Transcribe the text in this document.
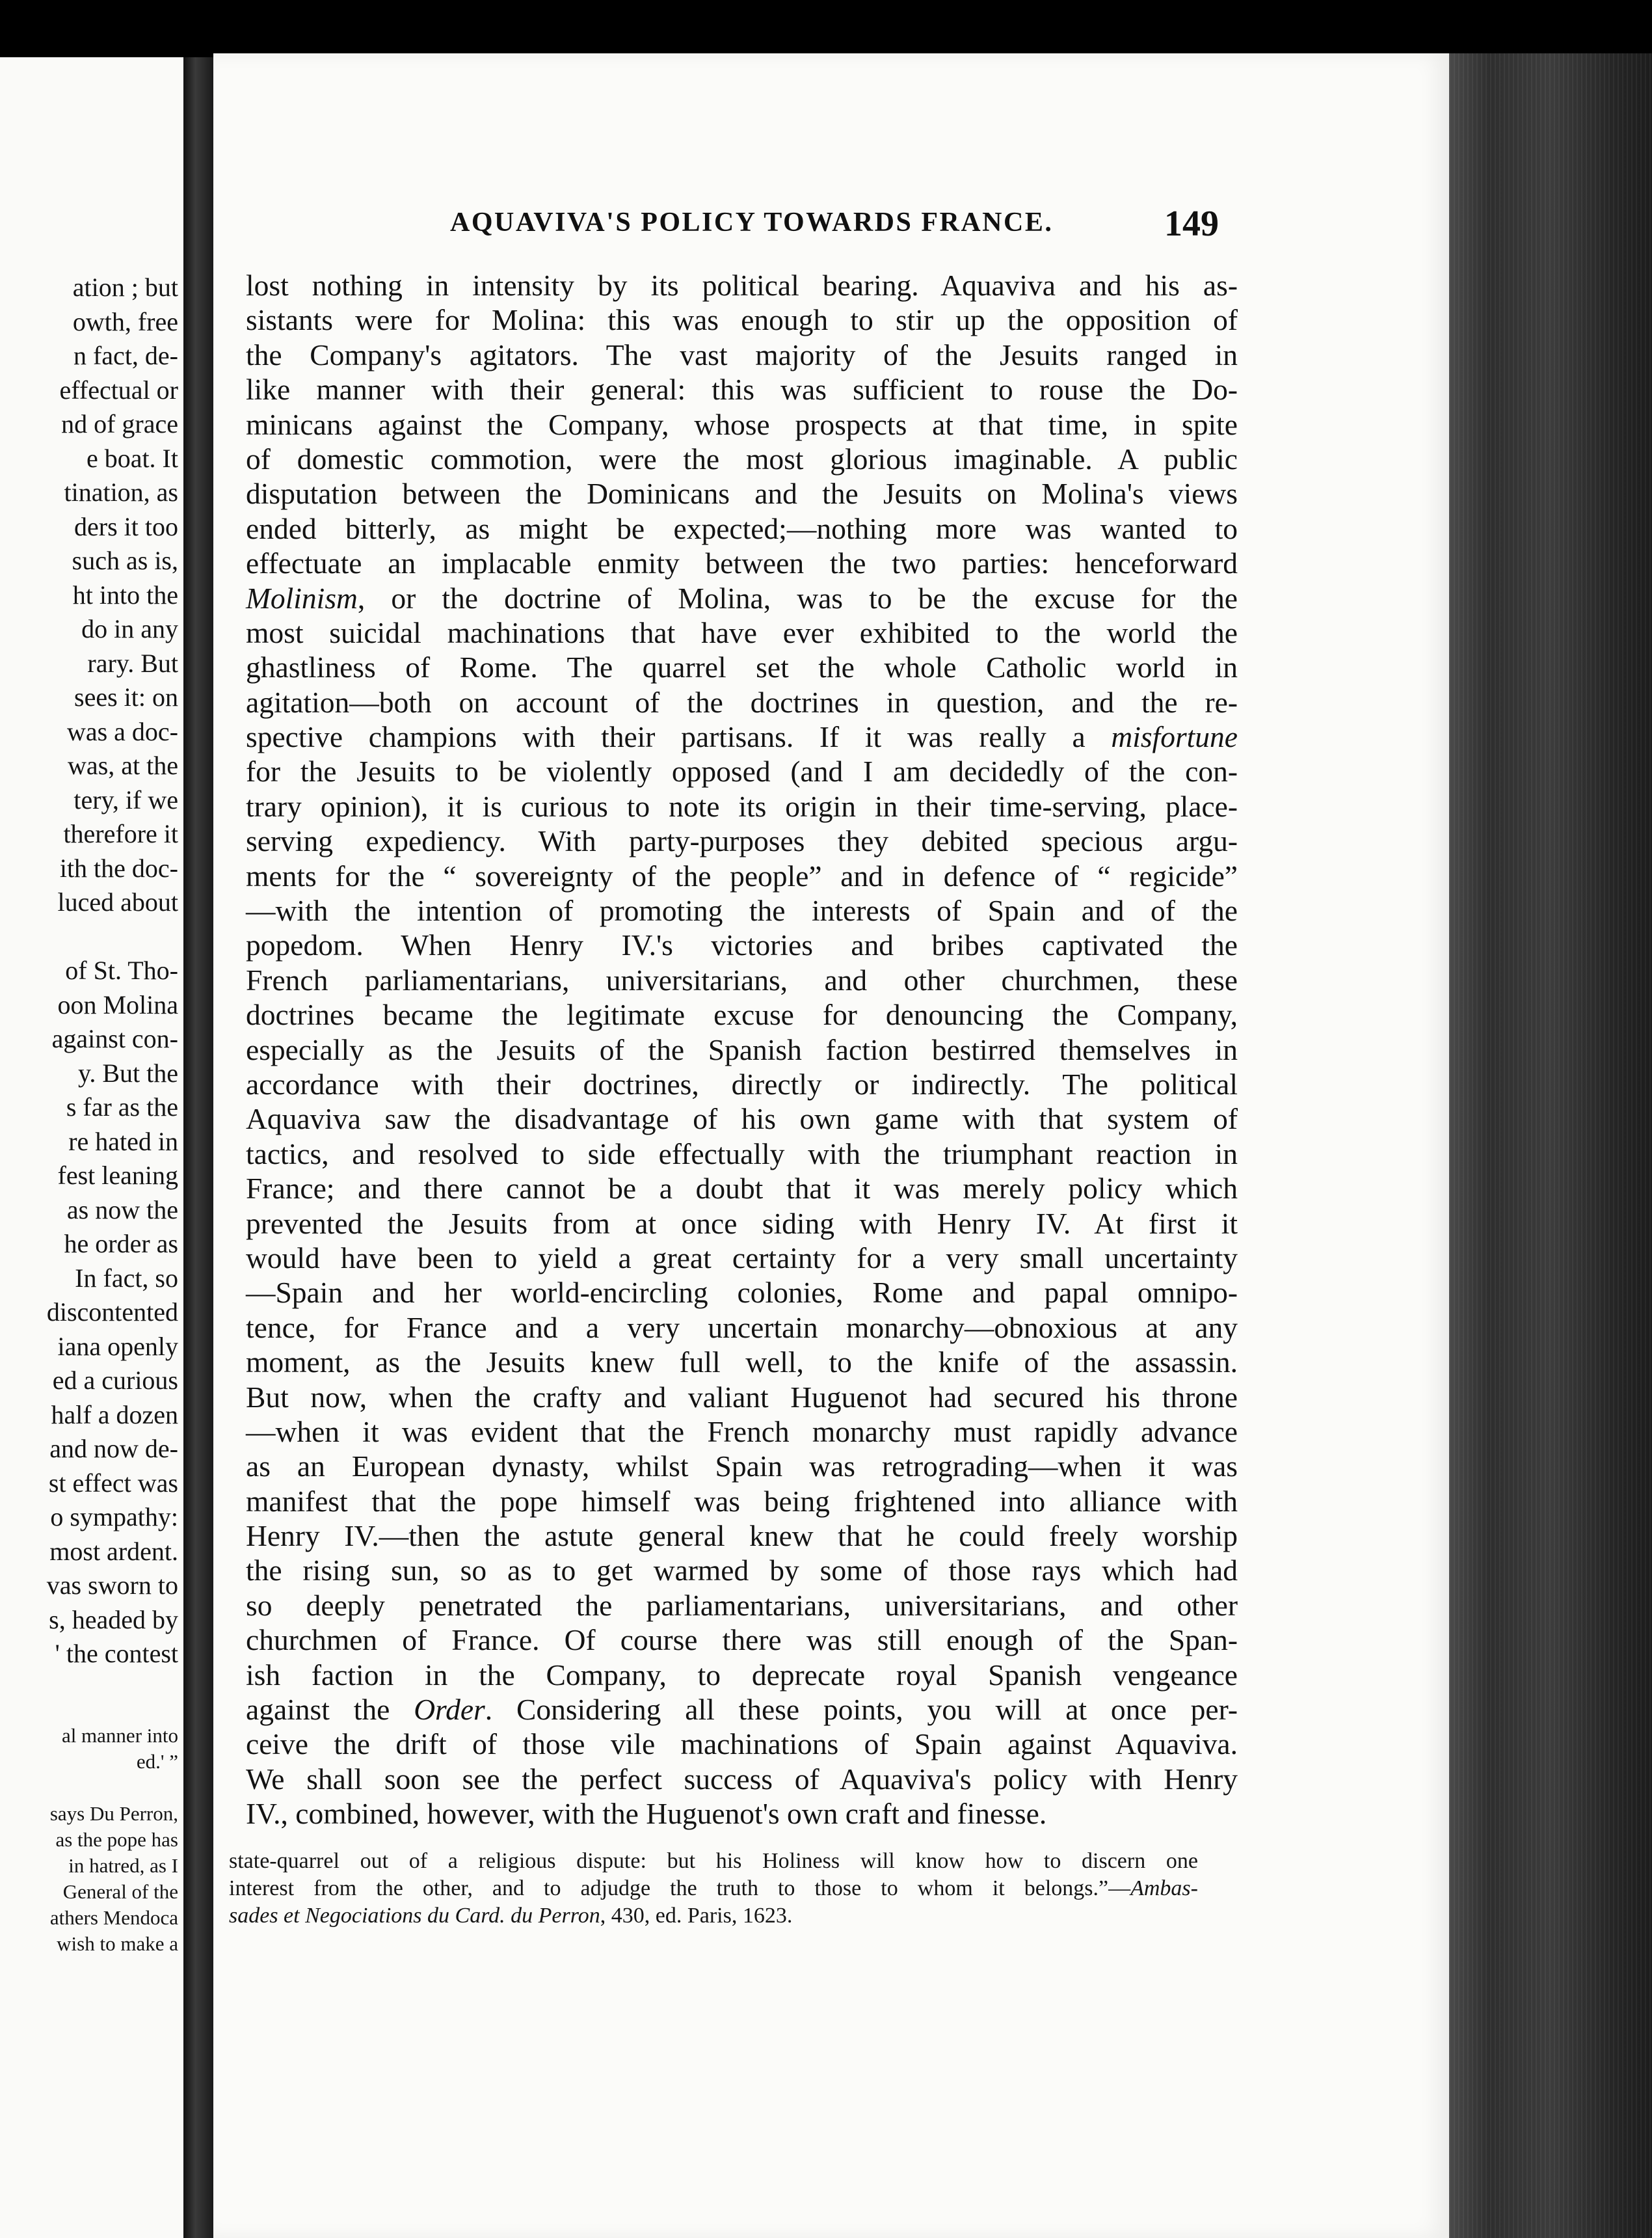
ation ; but
owth, free
n fact, de-
effectual or
nd of grace
e boat. It
tination, as
ders it too
such as is,
ht into the
do in any
rary. But
sees it: on
was a doc-
was, at the
tery, if we
therefore it
ith the doc-
luced about

of St. Tho-
oon Molina
against con-
y. But the
s far as the
re hated in
fest leaning
as now the
he order as
In fact, so
discontented
iana openly
ed a curious
half a dozen
and now de-
st effect was
o sympathy:
most ardent.
vas sworn to
s, headed by
' the contest
al manner into
ed.' ”

says Du Perron,
as the pope has
in hatred, as I
General of the
athers Mendoca
wish to make a
AQUAVIVA'S POLICY TOWARDS FRANCE.	149
lost nothing in intensity by its political bearing. Aquaviva and his as-
sistants were for Molina: this was enough to stir up the opposition of
the Company's agitators. The vast majority of the Jesuits ranged in
like manner with their general: this was sufficient to rouse the Do-
minicans against the Company, whose prospects at that time, in spite
of domestic commotion, were the most glorious imaginable. A public
disputation between the Dominicans and the Jesuits on Molina's views
ended bitterly, as might be expected;—nothing more was wanted to
effectuate an implacable enmity between the two parties: henceforward
Molinism, or the doctrine of Molina, was to be the excuse for the
most suicidal machinations that have ever exhibited to the world the
ghastliness of Rome. The quarrel set the whole Catholic world in
agitation—both on account of the doctrines in question, and the re-
spective champions with their partisans. If it was really a misfortune
for the Jesuits to be violently opposed (and I am decidedly of the con-
trary opinion), it is curious to note its origin in their time-serving, place-
serving expediency. With party-purposes they debited specious argu-
ments for the “ sovereignty of the people” and in defence of “ regicide”
—with the intention of promoting the interests of Spain and of the
popedom. When Henry IV.'s victories and bribes captivated the
French parliamentarians, universitarians, and other churchmen, these
doctrines became the legitimate excuse for denouncing the Company,
especially as the Jesuits of the Spanish faction bestirred themselves in
accordance with their doctrines, directly or indirectly. The political
Aquaviva saw the disadvantage of his own game with that system of
tactics, and resolved to side effectually with the triumphant reaction in
France; and there cannot be a doubt that it was merely policy which
prevented the Jesuits from at once siding with Henry IV. At first it
would have been to yield a great certainty for a very small uncertainty
—Spain and her world-encircling colonies, Rome and papal omnipo-
tence, for France and a very uncertain monarchy—obnoxious at any
moment, as the Jesuits knew full well, to the knife of the assassin.
But now, when the crafty and valiant Huguenot had secured his throne
—when it was evident that the French monarchy must rapidly advance
as an European dynasty, whilst Spain was retrograding—when it was
manifest that the pope himself was being frightened into alliance with
Henry IV.—then the astute general knew that he could freely worship
the rising sun, so as to get warmed by some of those rays which had
so deeply penetrated the parliamentarians, universitarians, and other
churchmen of France. Of course there was still enough of the Span-
ish faction in the Company, to deprecate royal Spanish vengeance
against the Order. Considering all these points, you will at once per-
ceive the drift of those vile machinations of Spain against Aquaviva.
We shall soon see the perfect success of Aquaviva's policy with Henry
IV., combined, however, with the Huguenot's own craft and finesse.
state-quarrel out of a religious dispute: but his Holiness will know how to discern one
interest from the other, and to adjudge the truth to those to whom it belongs.”—Ambas-
sades et Negociations du Card. du Perron, 430, ed. Paris, 1623.
